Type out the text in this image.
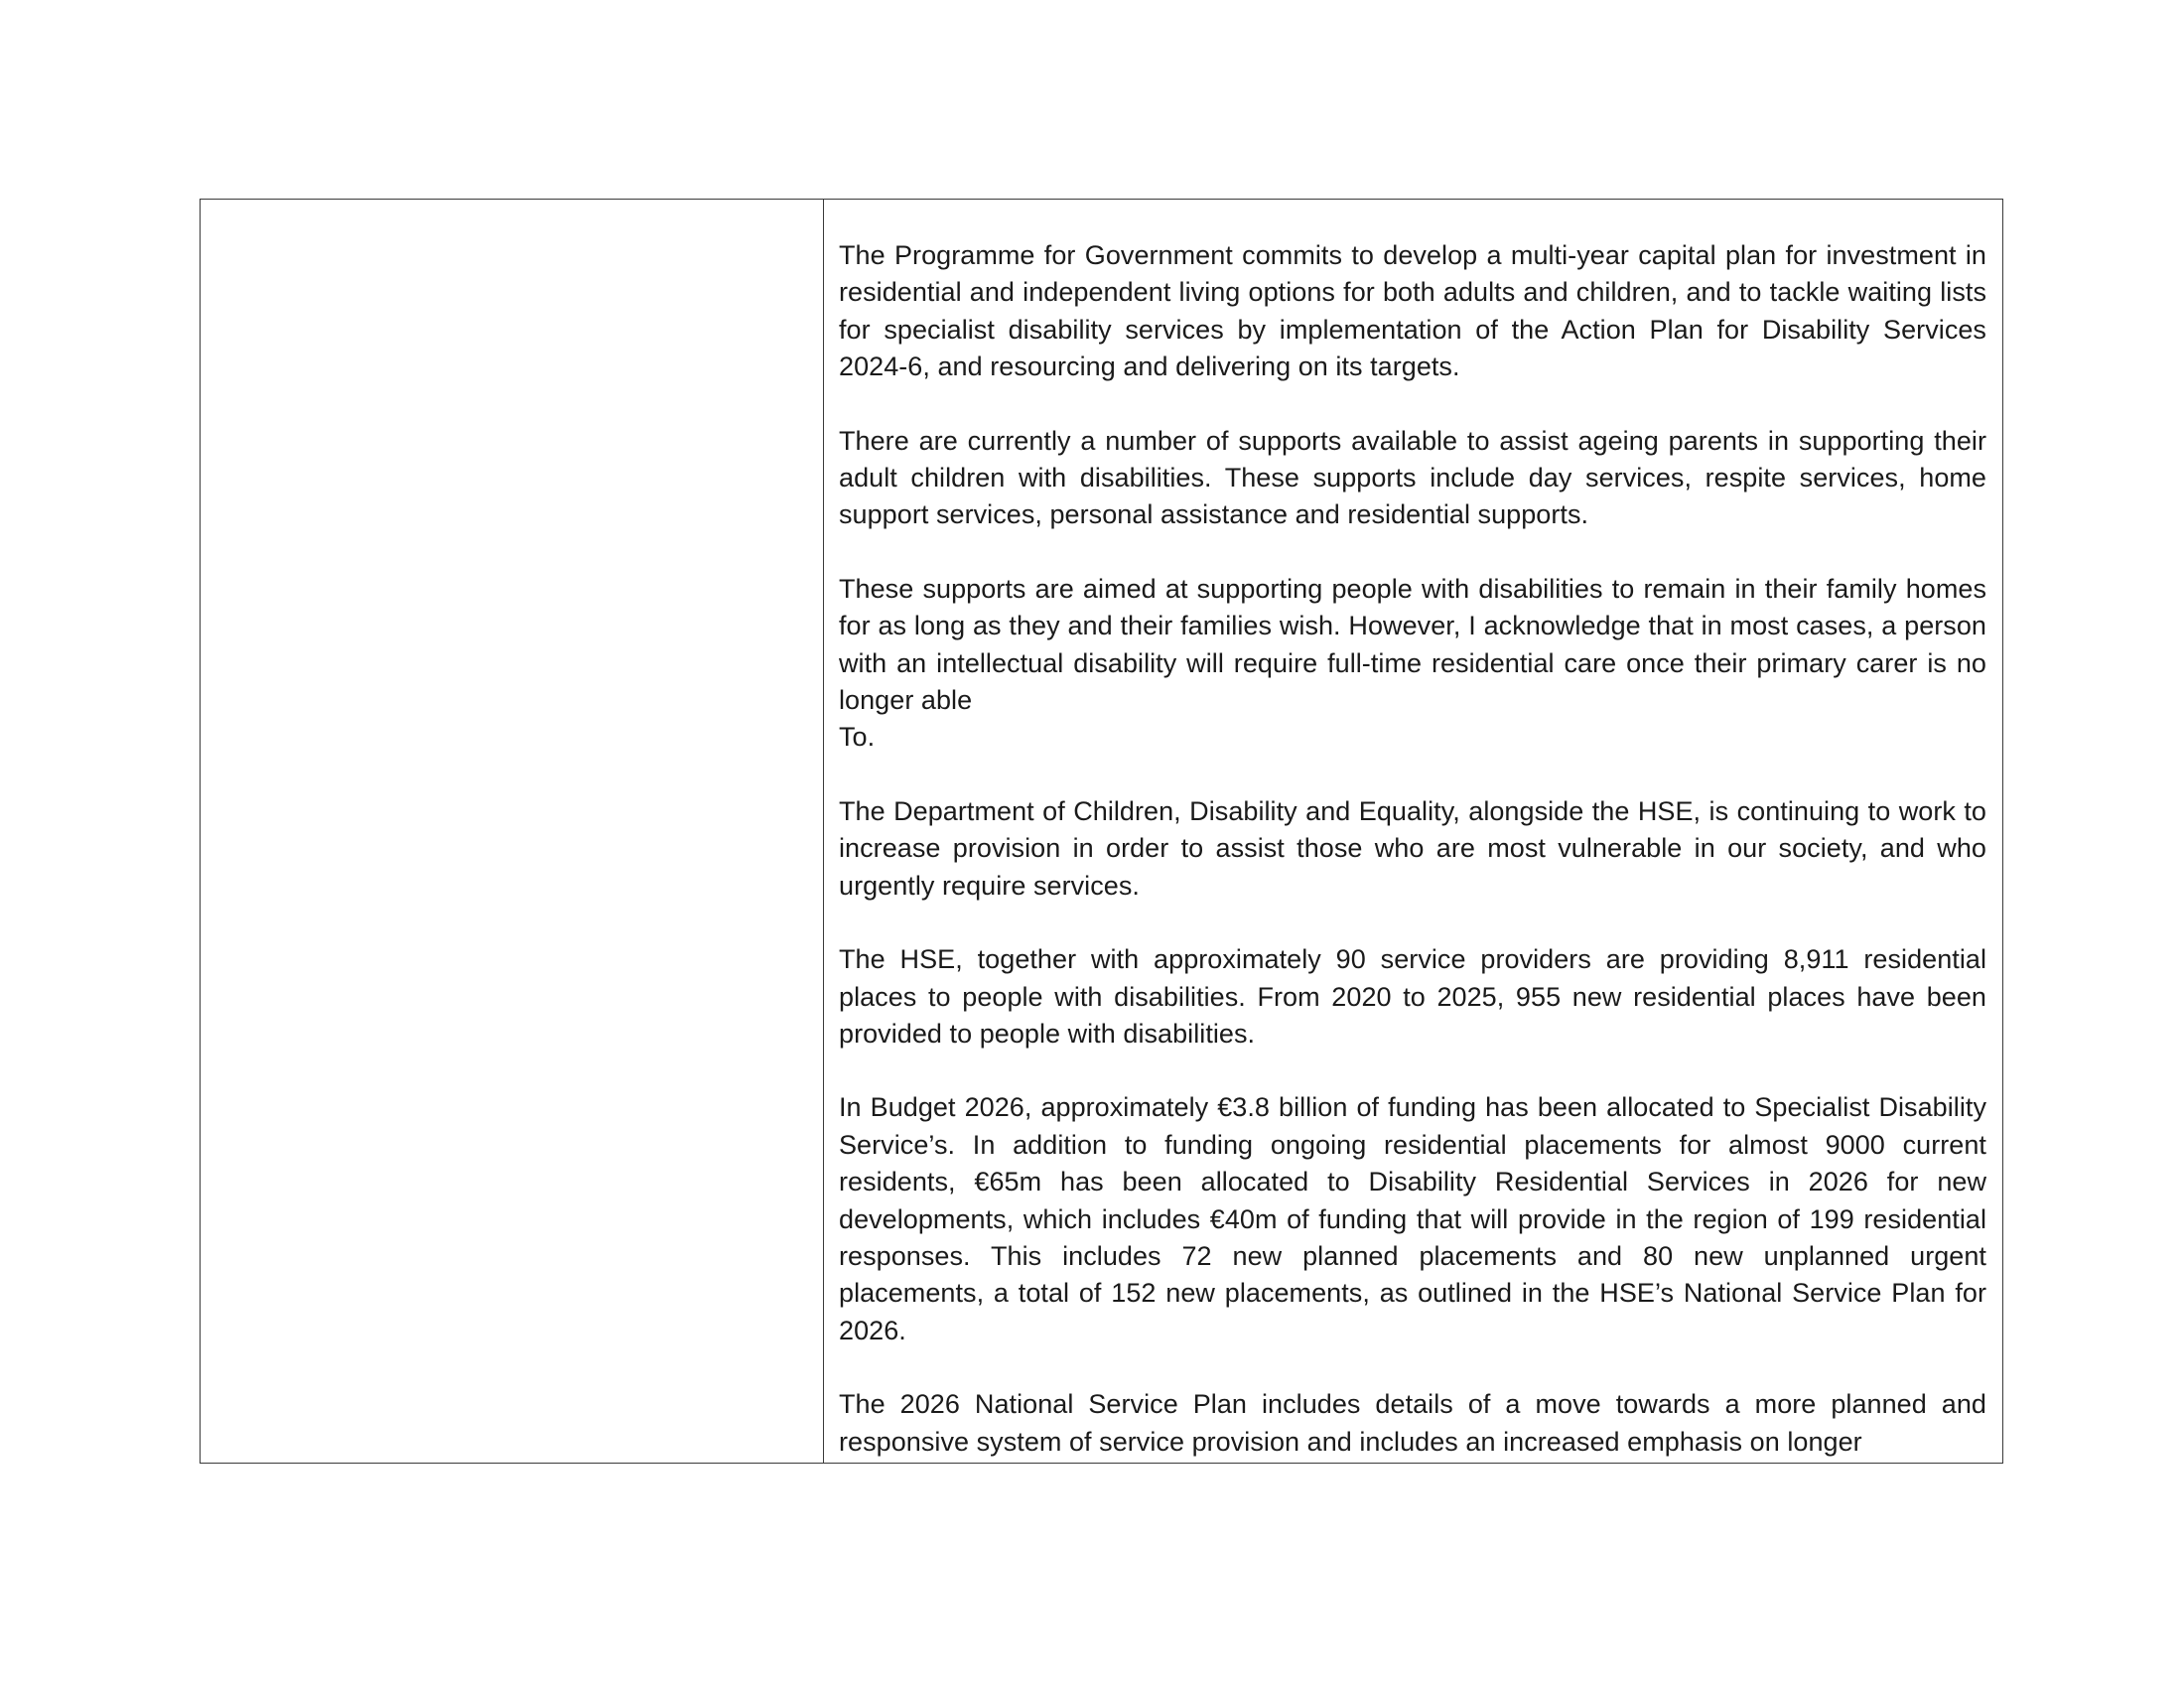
The Programme for Government commits to develop a multi-year capital plan for investment in residential and independent living options for both adults and children, and to tackle waiting lists for specialist disability services by implementation of the Action Plan for Disability Services 2024-6, and resourcing and delivering on its targets.

There are currently a number of supports available to assist ageing parents in supporting their adult children with disabilities. These supports include day services, respite services, home support services, personal assistance and residential supports.

These supports are aimed at supporting people with disabilities to remain in their family homes for as long as they and their families wish. However, I acknowledge that in most cases, a person with an intellectual disability will require full-time residential care once their primary carer is no longer able
To.

The Department of Children, Disability and Equality, alongside the HSE, is continuing to work to increase provision in order to assist those who are most vulnerable in our society, and who urgently require services.

The HSE, together with approximately 90 service providers are providing 8,911 residential places to people with disabilities. From 2020 to 2025, 955 new residential places have been provided to people with disabilities.

In Budget 2026, approximately €3.8 billion of funding has been allocated to Specialist Disability Service’s. In addition to funding ongoing residential placements for almost 9000 current residents, €65m has been allocated to Disability Residential Services in 2026 for new developments, which includes €40m of funding that will provide in the region of 199 residential responses. This includes 72 new planned placements and 80 new unplanned urgent placements, a total of 152 new placements, as outlined in the HSE’s National Service Plan for 2026.

The 2026 National Service Plan includes details of a move towards a more planned and responsive system of service provision and includes an increased emphasis on longer
